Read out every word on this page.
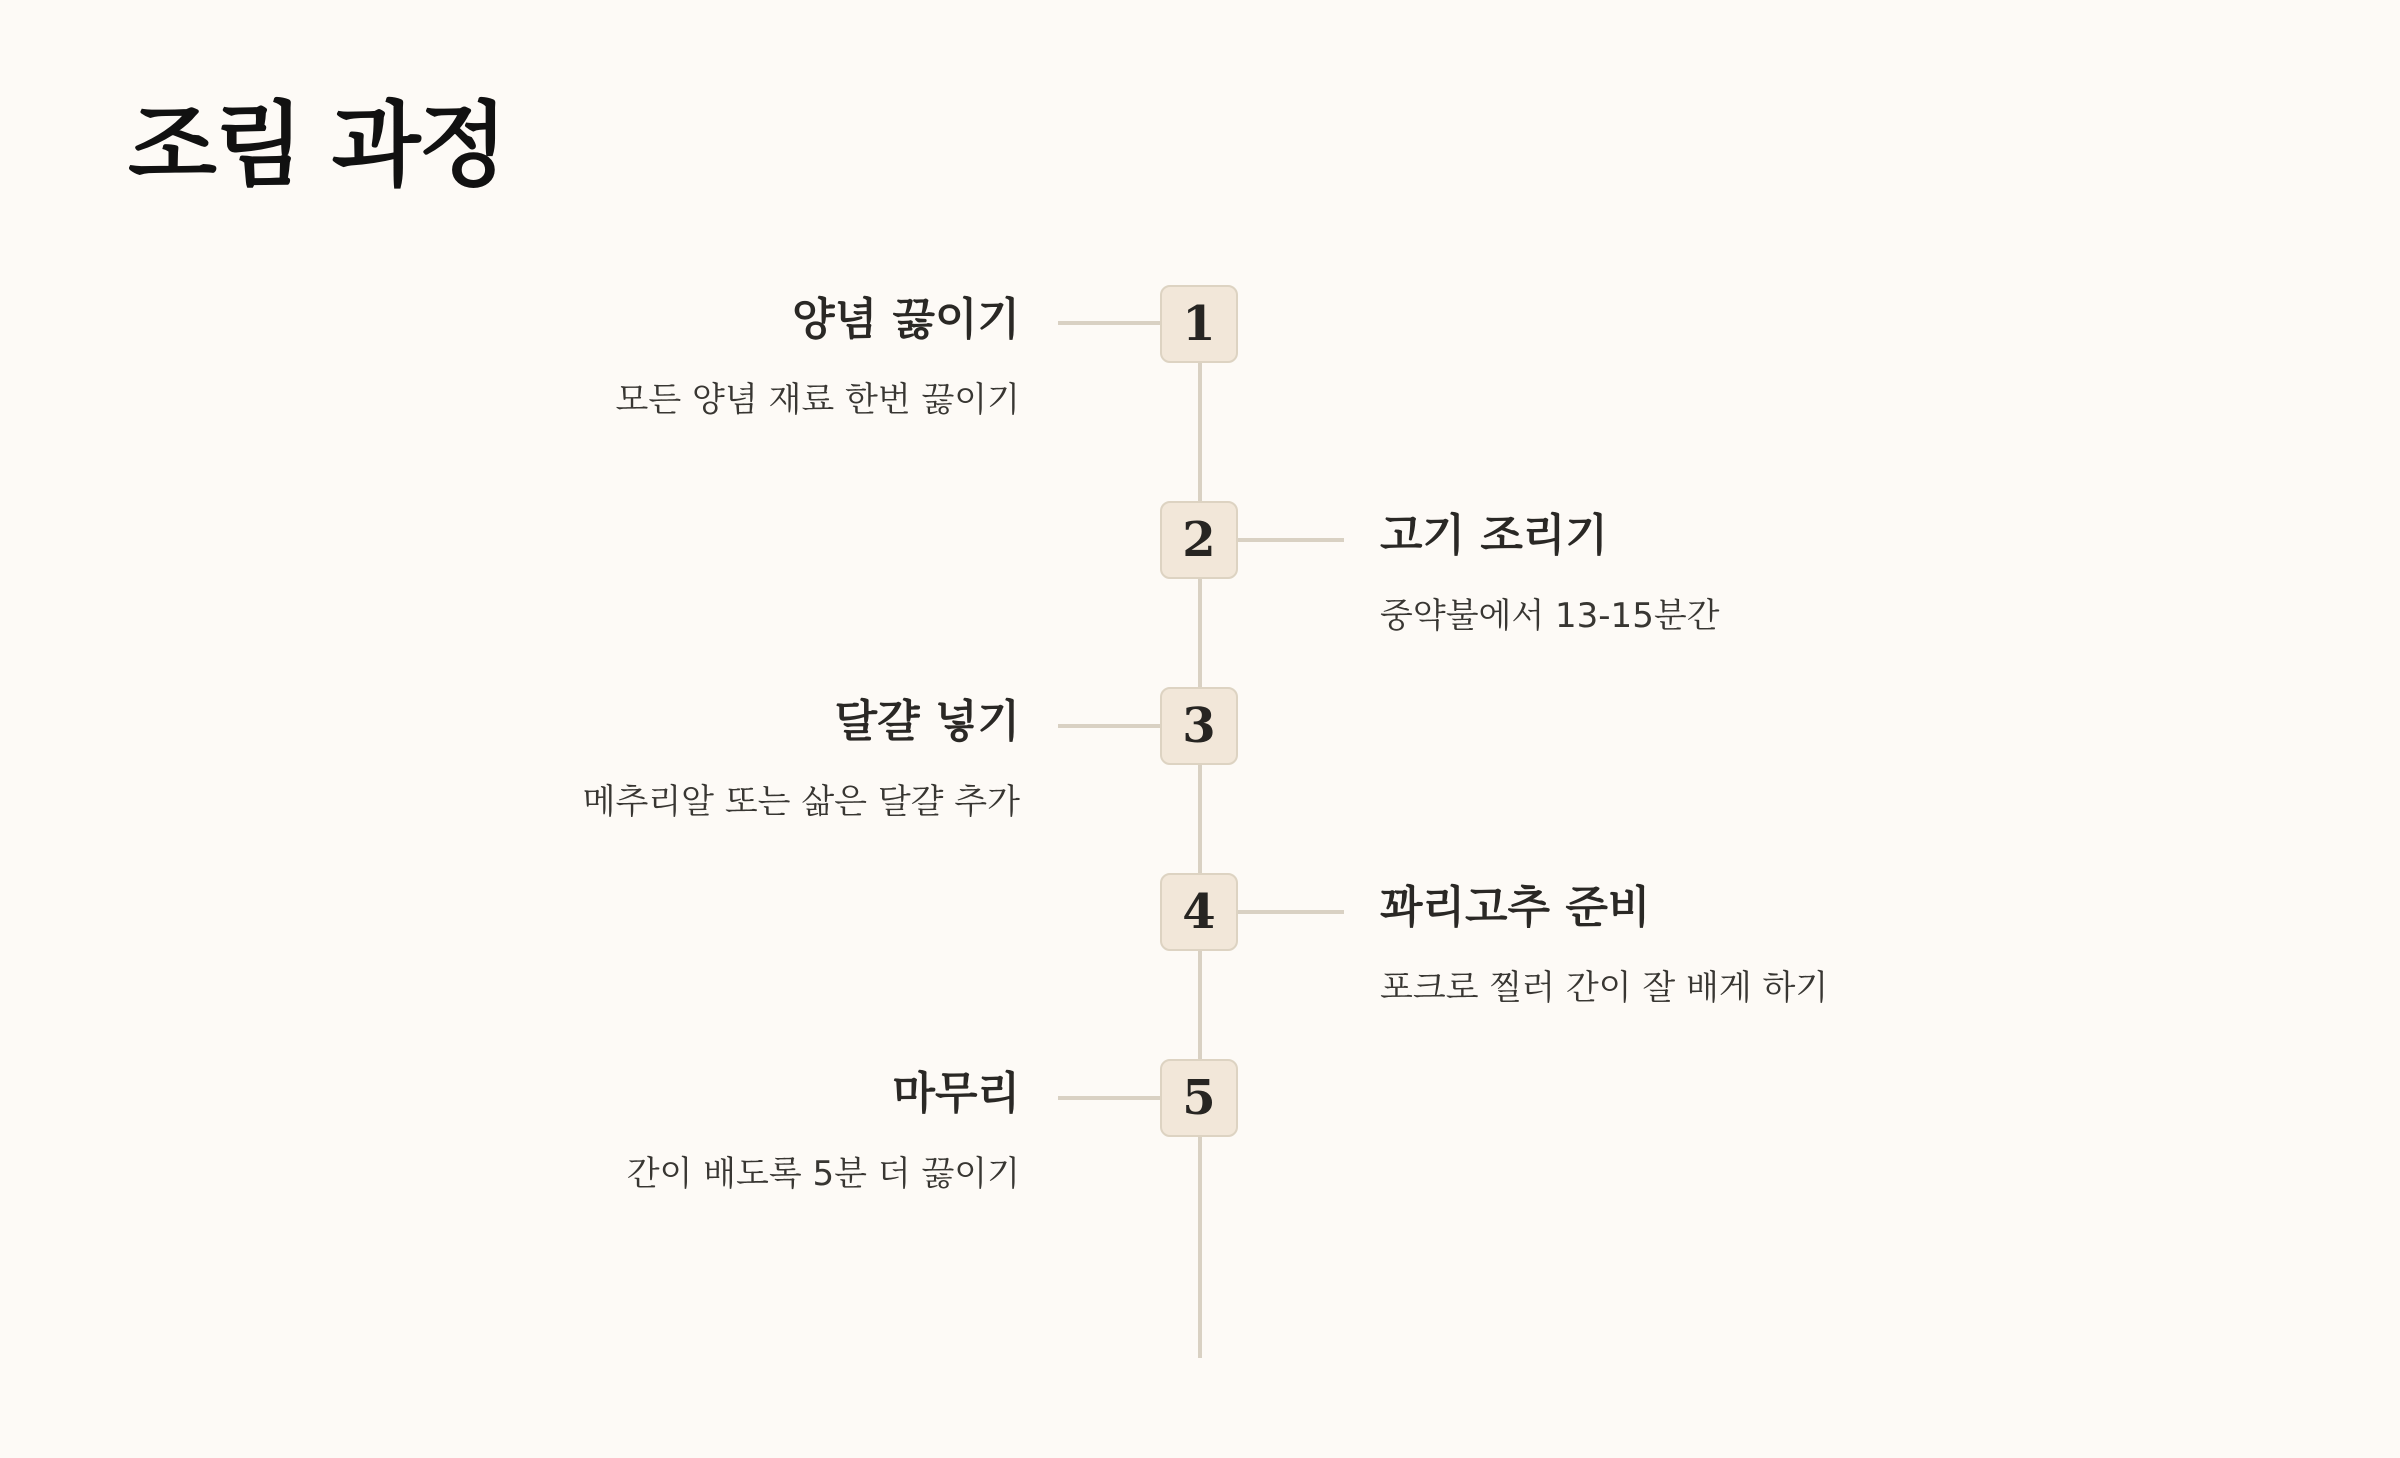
조림 과정
1
양념 끓이기

모든 양념 재료 한번 끓이기

2	고기 조리기

중약불에서 13-15분간

3
달걀 넣기

메추리알 또는 삶은 달걀 추가

4	꽈리고추 준비

포크로 찔러 간이 잘 배게 하기

5
마무리

간이 배도록 5분 더 끓이기
